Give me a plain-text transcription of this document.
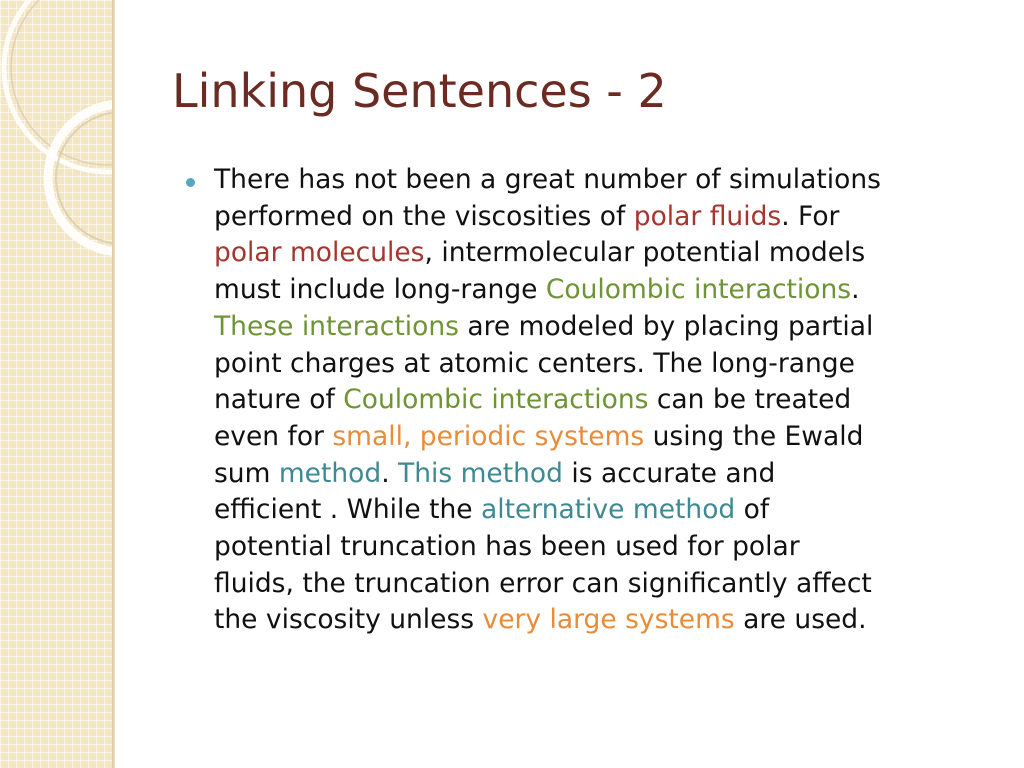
Linking Sentences - 2

There has not been a great number of simulations
performed on the viscosities of polar fluids. For
polar molecules, intermolecular potential models
must include long-range Coulombic interactions.
These interactions are modeled by placing partial
point charges at atomic centers. The long-range
nature of Coulombic interactions can be treated
even for small, periodic systems using the Ewald
sum method. This method is accurate and
efficient . While the alternative method of
potential truncation has been used for polar
fluids, the truncation error can significantly affect
the viscosity unless very large systems are used.
